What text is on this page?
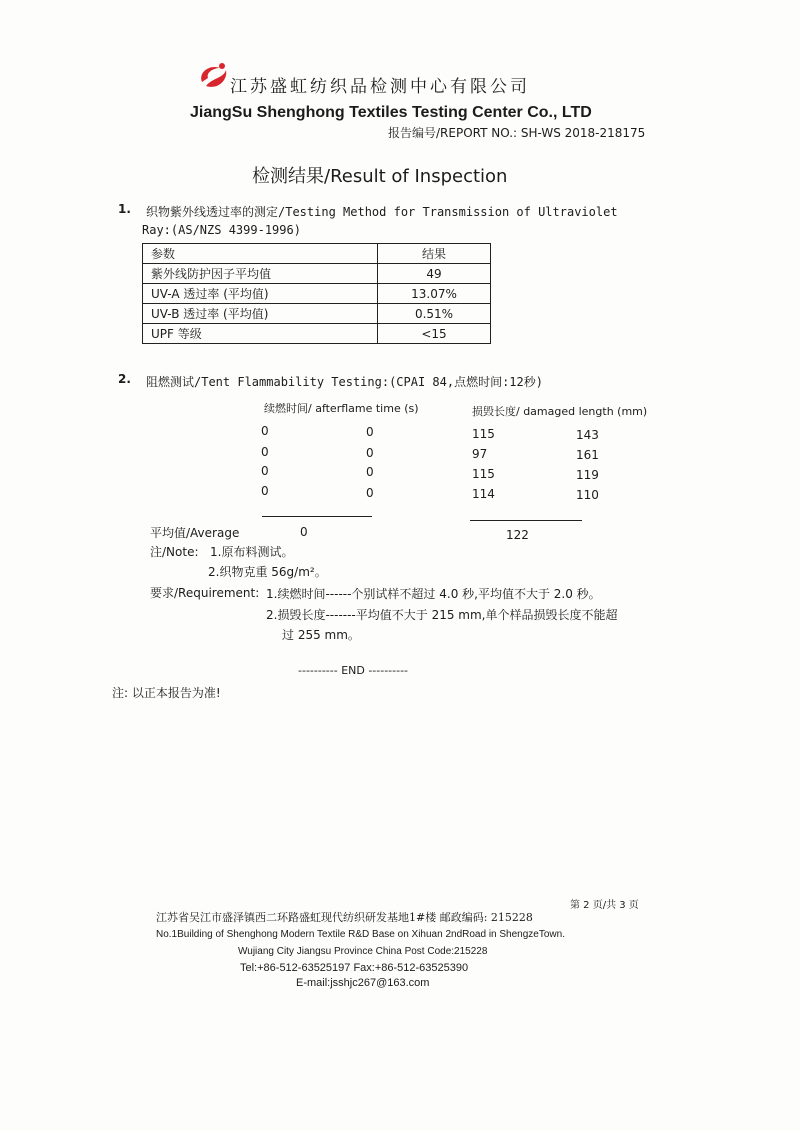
江苏盛虹纺织品检测中心有限公司
JiangSu Shenghong Textiles Testing Center Co., LTD
报告编号/REPORT NO.: SH-WS 2018-218175
检测结果/Result of Inspection
1. 织物紫外线透过率的测定/Testing Method for Transmission of Ultraviolet
Ray:(AS/NZS 4399-1996)
参数	结果
紫外线防护因子平均值	49
UV-A 透过率 (平均值)	13.07%
UV-B 透过率 (平均值)	0.51%
UPF 等级	<15
2. 阻燃测试/Tent Flammability Testing:(CPAI 84,点燃时间:12秒)
续燃时间/ afterflame time (s)	损毁长度/ damaged length (mm)
0	0	115	143
0	0	97	161
0	0	115	119
0	0	114	110
平均值/Average	0	122
注/Note: 1.原布料测试。
2.织物克重 56g/m²。
要求/Requirement: 1.续燃时间------个别试样不超过 4.0 秒,平均值不大于 2.0 秒。
2.损毁长度-------平均值不大于 215 mm,单个样品损毁长度不能超
过 255 mm。
---------- END ----------
注: 以正本报告为准!
第 2 页/共 3 页
江苏省吴江市盛泽镇西二环路盛虹现代纺织研发基地1#楼 邮政编码: 215228
No.1Building of Shenghong Modern Textile R&D Base on Xihuan 2ndRoad in ShengzeTown.
Wujiang City Jiangsu Province China Post Code:215228
Tel:+86-512-63525197 Fax:+86-512-63525390
E-mail:jsshjc267@163.com
